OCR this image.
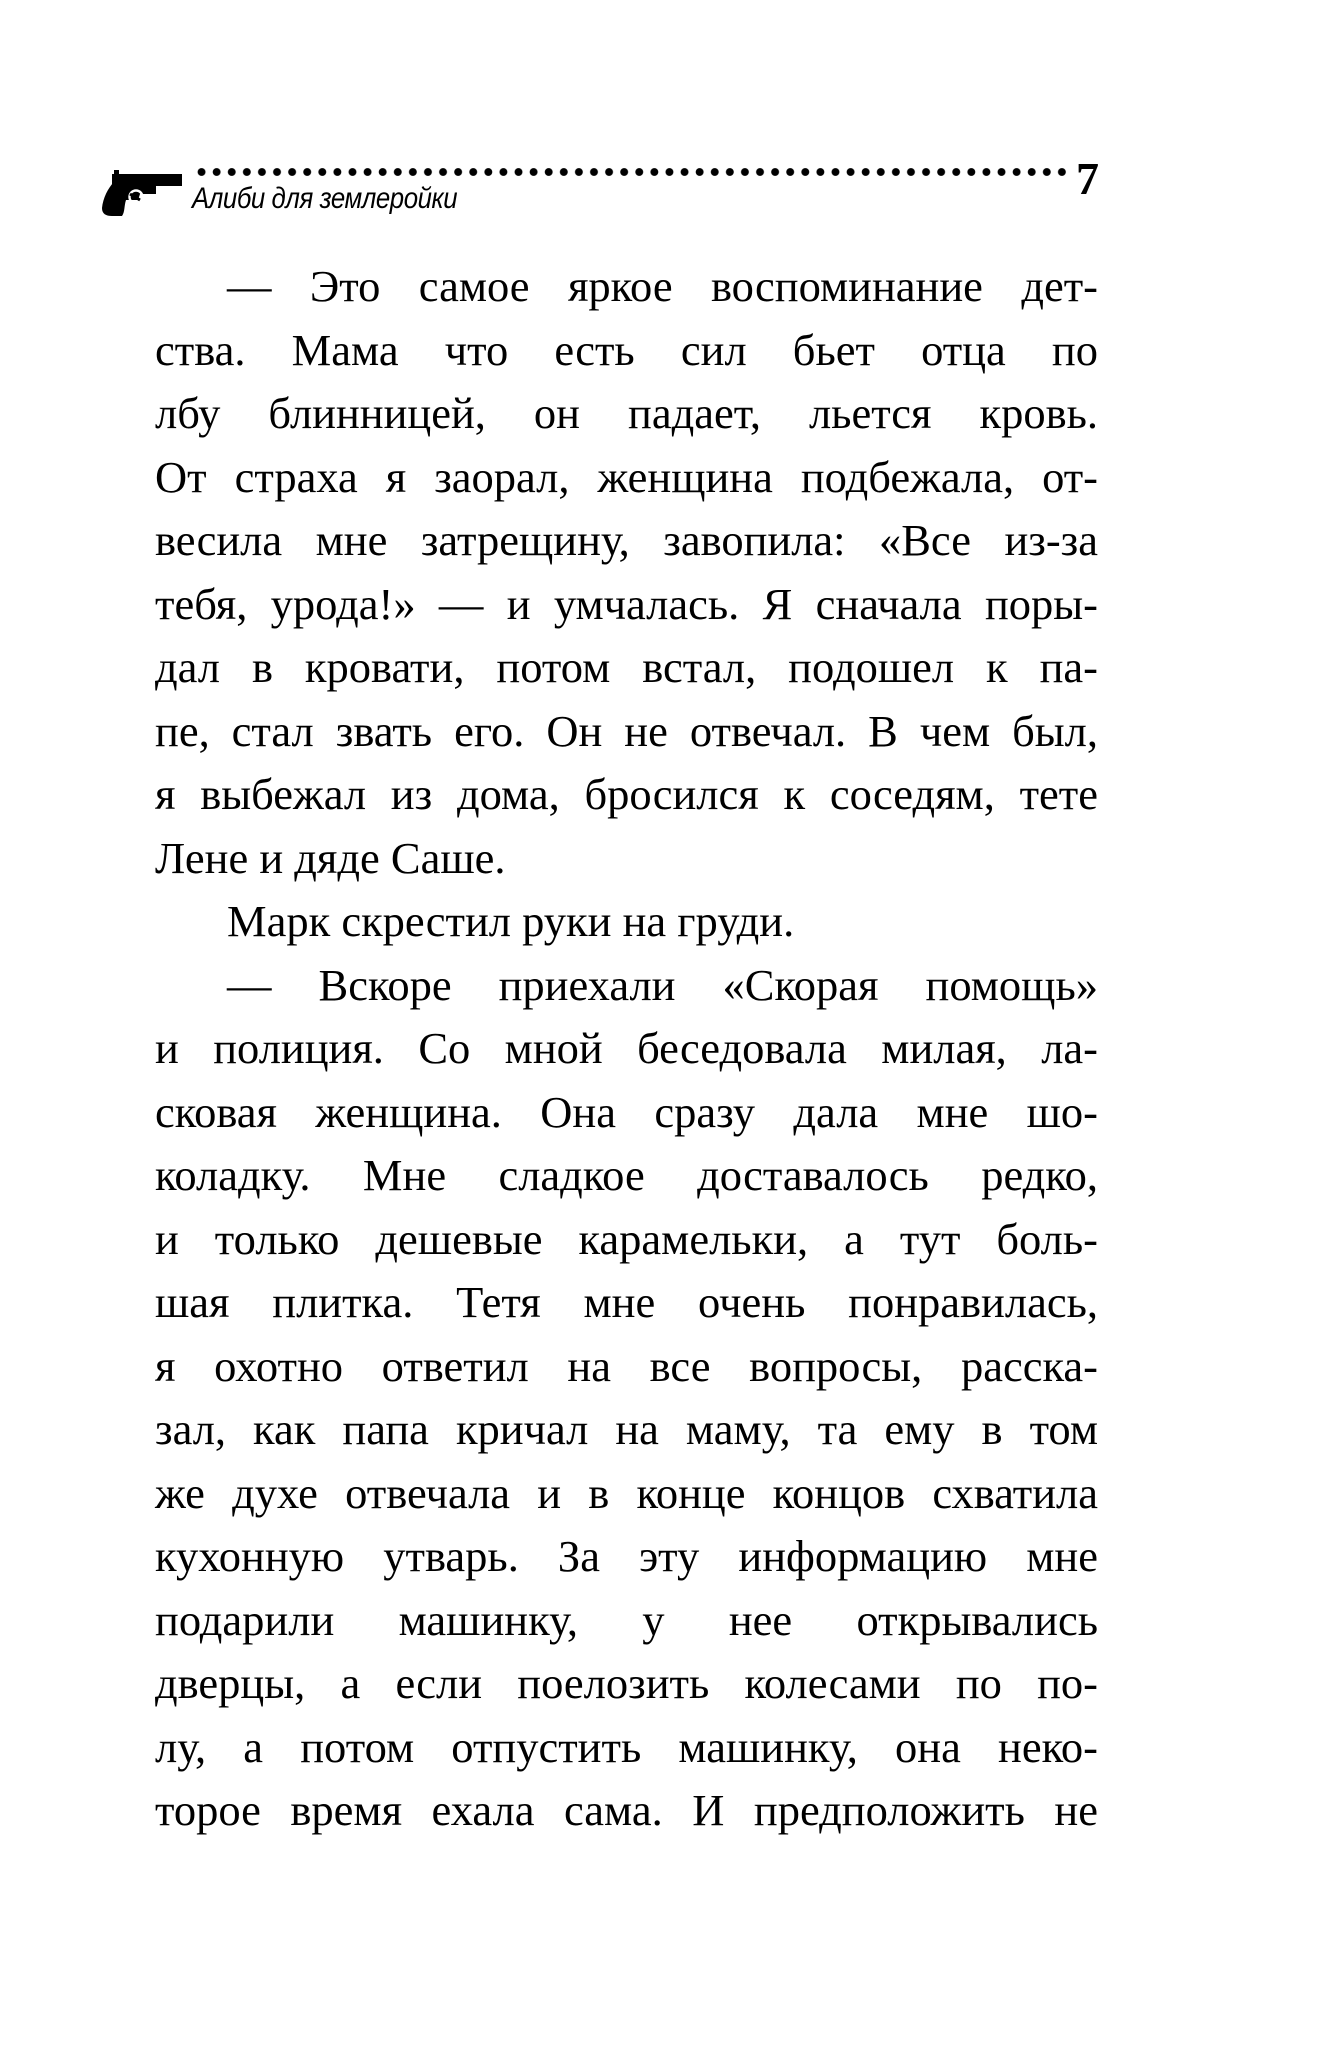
Алиби для землеройки	7
— Это самое яркое воспоминание дет-
ства. Мама что есть сил бьет отца по
лбу блинницей, он падает, льется кровь.
От страха я заорал, женщина подбежала, от-
весила мне затрещину, завопила: «Все из-за
тебя, урода!» — и умчалась. Я сначала поры-
дал в кровати, потом встал, подошел к па-
пе, стал звать его. Он не отвечал. В чем был,
я выбежал из дома, бросился к соседям, тете
Лене и дяде Саше.
Марк скрестил руки на груди.
— Вскоре приехали «Скорая помощь»
и полиция. Со мной беседовала милая, ла-
сковая женщина. Она сразу дала мне шо-
коладку. Мне сладкое доставалось редко,
и только дешевые карамельки, а тут боль-
шая плитка. Тетя мне очень понравилась,
я охотно ответил на все вопросы, расска-
зал, как папа кричал на маму, та ему в том
же духе отвечала и в конце концов схватила
кухонную утварь. За эту информацию мне
подарили машинку, у нее открывались
дверцы, а если поелозить колесами по по-
лу, а потом отпустить машинку, она неко-
торое время ехала сама. И предположить не
